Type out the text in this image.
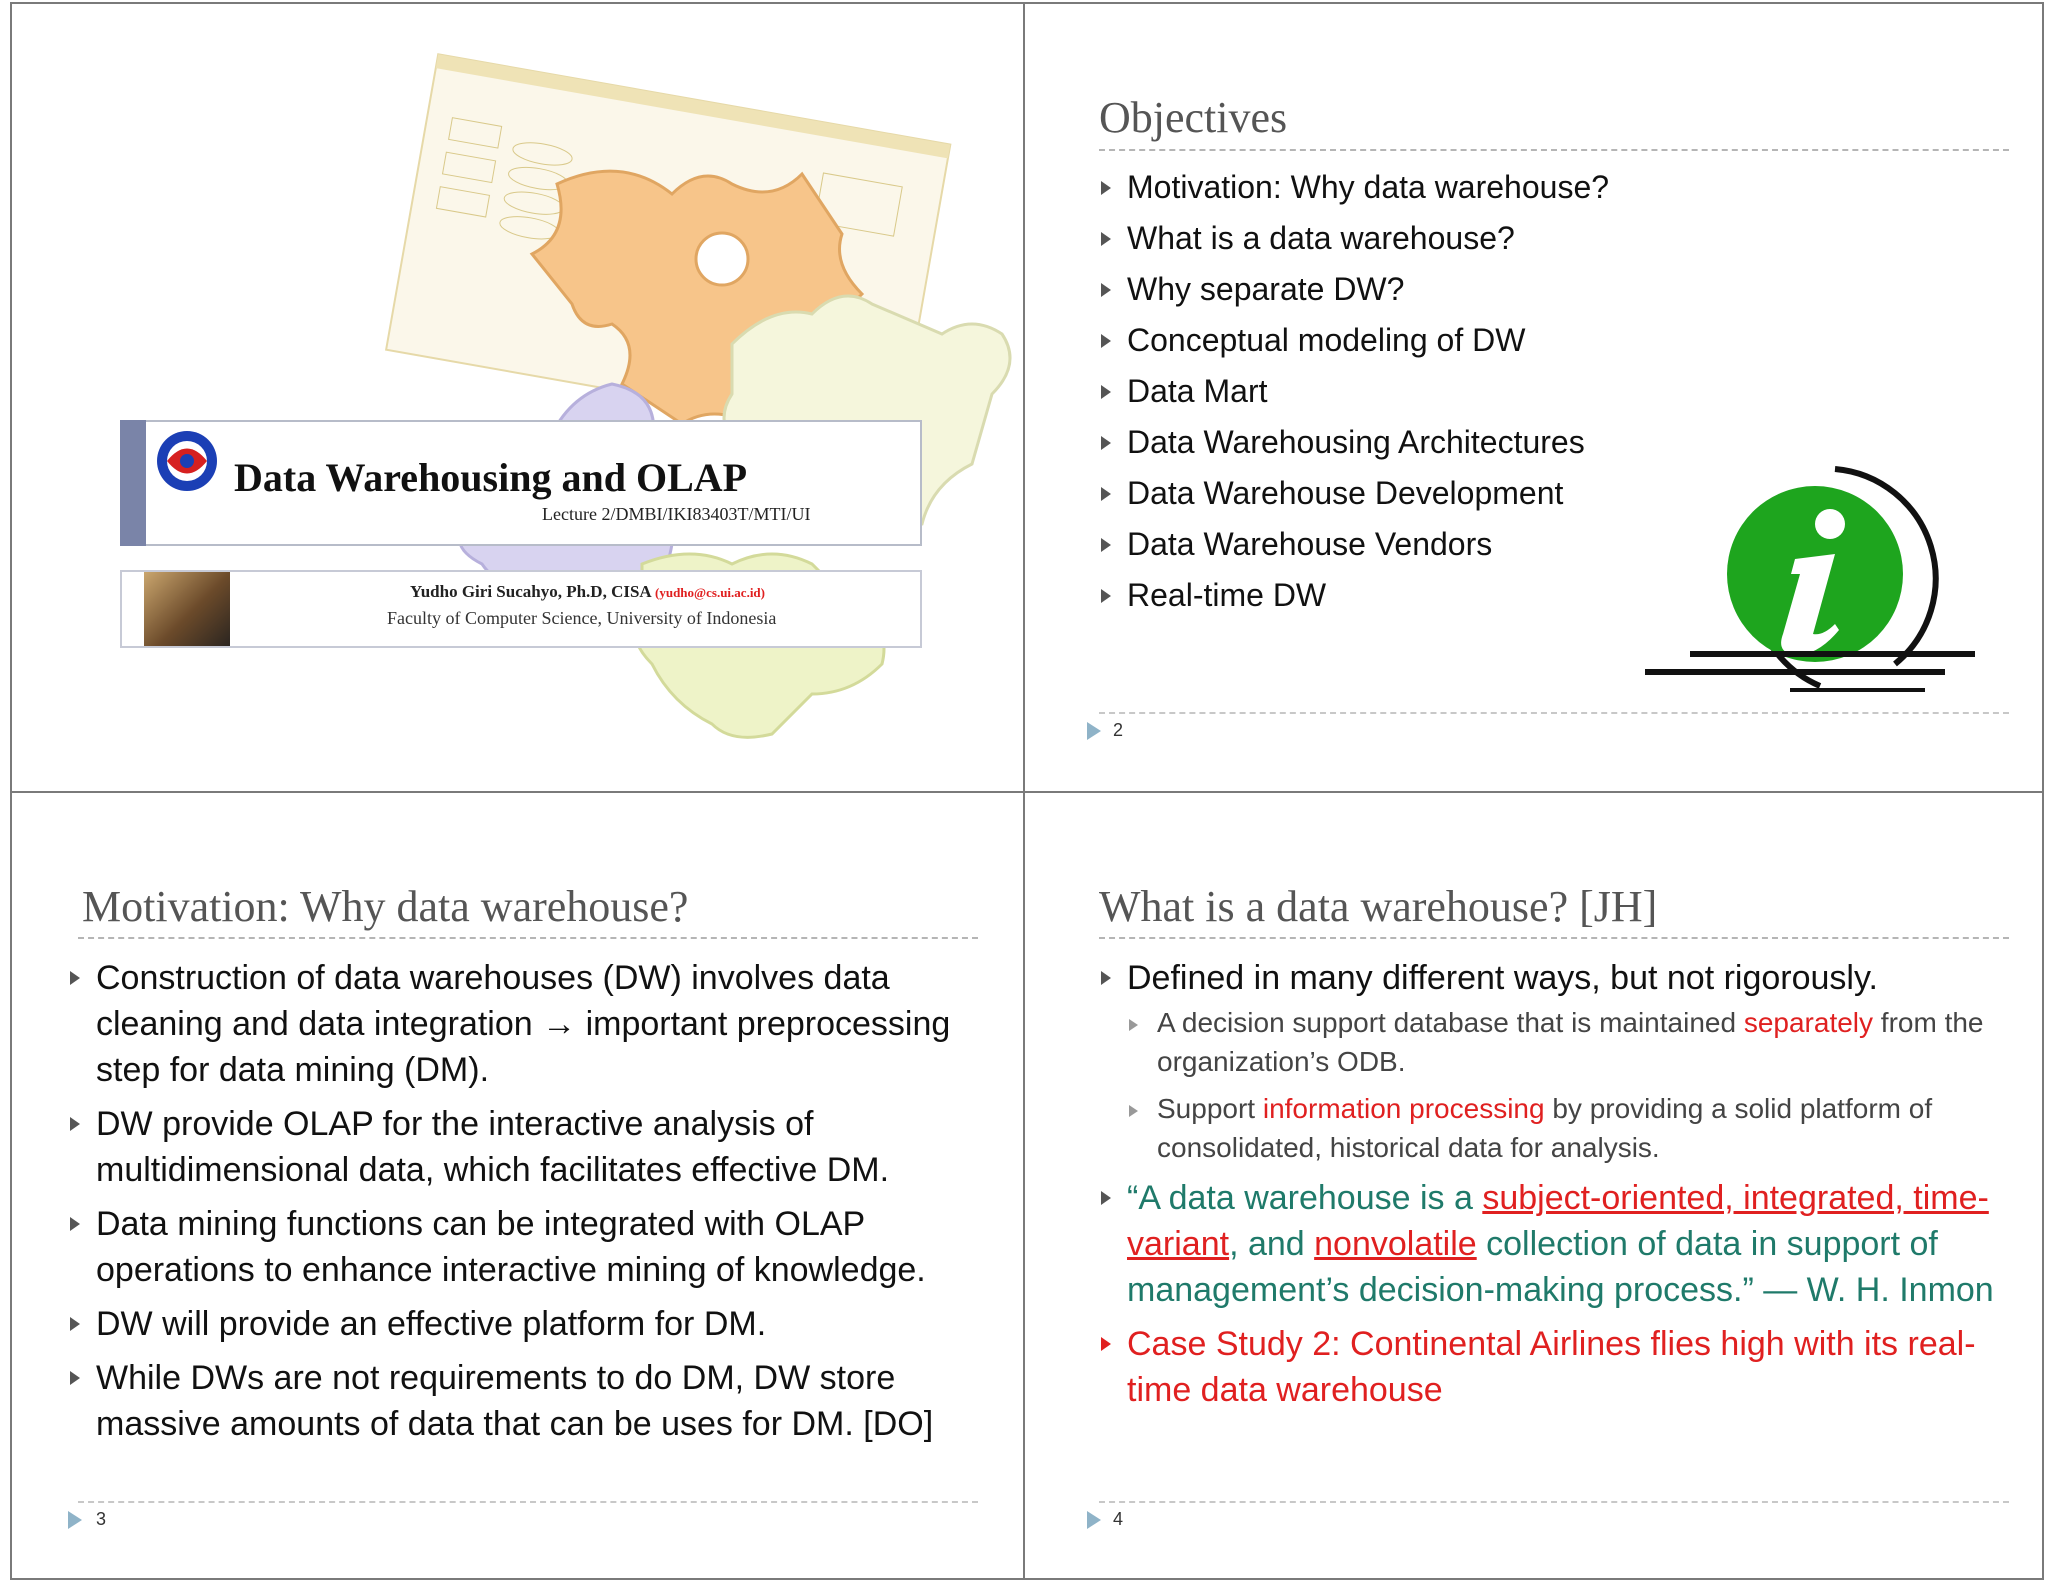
Data Warehousing and OLAP
Lecture 2/DMBI/IKI83403T/MTI/UI
Yudho Giri Sucahyo, Ph.D, CISA (yudho@cs.ui.ac.id)
Faculty of Computer Science, University of Indonesia
Objectives
Motivation: Why data warehouse?
What is a data warehouse?
Why separate DW?
Conceptual modeling of DW
Data Mart
Data Warehousing Architectures
Data Warehouse Development
Data Warehouse Vendors
Real-time DW
2
Motivation: Why data warehouse?
Construction of data warehouses (DW) involves data cleaning and data integration → important preprocessing step for data mining (DM).
DW provide OLAP for the interactive analysis of multidimensional data, which facilitates effective DM.
Data mining functions can be integrated with OLAP operations to enhance interactive mining of knowledge.
DW will provide an effective platform for DM.
While DWs are not requirements to do DM, DW store massive amounts of data that can be uses for DM. [DO]
3
What is a data warehouse? [JH]
Defined in many different ways, but not rigorously.
A decision support database that is maintained separately from the organization’s ODB.
Support information processing by providing a solid platform of consolidated, historical data for analysis.
“A data warehouse is a subject-oriented, integrated, time-variant, and nonvolatile collection of data in support of management’s decision-making process.” — W. H. Inmon
Case Study 2: Continental Airlines flies high with its real-time data warehouse
4
